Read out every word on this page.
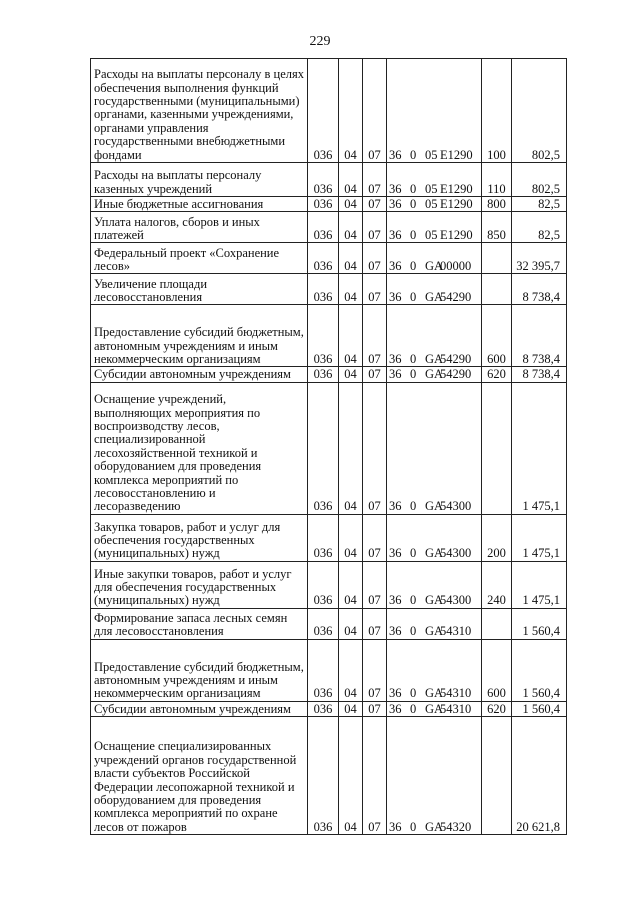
229
Расходы на выплаты персоналу в целях обеспечения выполнения функций государственными (муниципальными) органами, казенными учреждениями, органами управления государственными внебюджетными фондами	036	04	07	36 0 05 E1290	100	802,5
Расходы на выплаты персоналу казенных учреждений	036	04	07	36 0 05 E1290	110	802,5
Иные бюджетные ассигнования	036	04	07	36 0 05 E1290	800	82,5
Уплата налогов, сборов и иных платежей	036	04	07	36 0 05 E1290	850	82,5
Федеральный проект «Сохранение лесов»	036	04	07	36 0 GA00000		32 395,7
Увеличение площади лесовосстановления	036	04	07	36 0 GA54290		8 738,4
Предоставление субсидий бюджетным, автономным учреждениям и иным некоммерческим организациям	036	04	07	36 0 GA54290	600	8 738,4
Субсидии автономным учреждениям	036	04	07	36 0 GA54290	620	8 738,4
Оснащение учреждений, выполняющих мероприятия по воспроизводству лесов, специализированной лесохозяйственной техникой и оборудованием для проведения комплекса мероприятий по лесовосстановлению и лесоразведению	036	04	07	36 0 GA54300		1 475,1
Закупка товаров, работ и услуг для обеспечения государственных (муниципальных) нужд	036	04	07	36 0 GA54300	200	1 475,1
Иные закупки товаров, работ и услуг для обеспечения государственных (муниципальных) нужд	036	04	07	36 0 GA54300	240	1 475,1
Формирование запаса лесных семян для лесовосстановления	036	04	07	36 0 GA54310		1 560,4
Предоставление субсидий бюджетным, автономным учреждениям и иным некоммерческим организациям	036	04	07	36 0 GA54310	600	1 560,4
Субсидии автономным учреждениям	036	04	07	36 0 GA54310	620	1 560,4
Оснащение специализированных учреждений органов государственной власти субъектов Российской Федерации лесопожарной техникой и оборудованием для проведения комплекса мероприятий по охране лесов от пожаров	036	04	07	36 0 GA54320		20 621,8
